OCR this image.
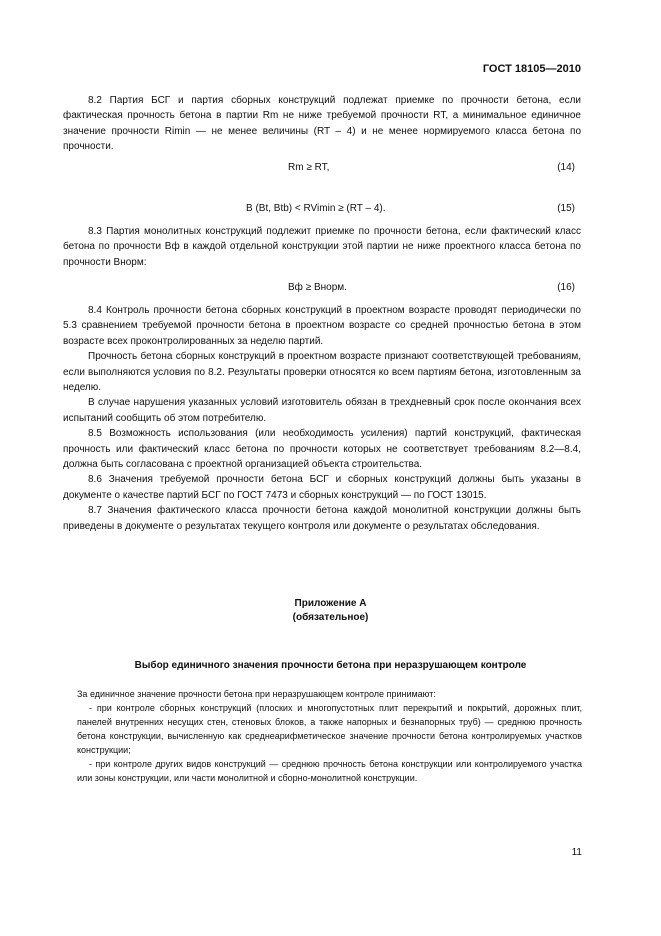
ГОСТ 18105—2010

8.2 Партия БСГ и партия сборных конструкций подлежат приемке по прочности бетона, если фактическая прочность бетона в партии Rm не ниже требуемой прочности RT, а минимальное единичное значение прочности Rimin — не менее величины (RT – 4) и не менее нормируемого класса бетона по прочности.

Rm ≥ RT,	(14)
B (Bt, Btb) < RVimin ≥ (RT – 4).	(15)

8.3 Партия монолитных конструкций подлежит приемке по прочности бетона, если фактический класс бетона по прочности Bф в каждой отдельной конструкции этой партии не ниже проектного класса бетона по прочности Bнорм:

Bф ≥ Bнорм.	(16)

8.4 Контроль прочности бетона сборных конструкций в проектном возрасте проводят периодически по 5.3 сравнением требуемой прочности бетона в проектном возрасте со средней прочностью бетона в этом возрасте всех проконтролированных за неделю партий.

Прочность бетона сборных конструкций в проектном возрасте признают соответствующей требованиям, если выполняются условия по 8.2. Результаты проверки относятся ко всем партиям бетона, изготовленным за неделю.

В случае нарушения указанных условий изготовитель обязан в трехдневный срок после окончания всех испытаний сообщить об этом потребителю.

8.5 Возможность использования (или необходимость усиления) партий конструкций, фактическая прочность или фактический класс бетона по прочности которых не соответствует требованиям 8.2—8.4, должна быть согласована с проектной организацией объекта строительства.

8.6 Значения требуемой прочности бетона БСГ и сборных конструкций должны быть указаны в документе о качестве партий БСГ по ГОСТ 7473 и сборных конструкций — по ГОСТ 13015.

8.7 Значения фактического класса прочности бетона каждой монолитной конструкции должны быть приведены в документе о результатах текущего контроля или документе о результатах обследования.

Приложение А
(обязательное)
Выбор единичного значения прочности бетона при неразрушающем контроле

За единичное значение прочности бетона при неразрушающем контроле принимают:

- при контроле сборных конструкций (плоских и многопустотных плит перекрытий и покрытий, дорожных плит, панелей внутренних несущих стен, стеновых блоков, а также напорных и безнапорных труб) — среднюю прочность бетона конструкции, вычисленную как среднеарифметическое значение прочности бетона контролируемых участков конструкции;

- при контроле других видов конструкций — среднюю прочность бетона конструкции или контролируемого участка или зоны конструкции, или части монолитной и сборно-монолитной конструкции.

11
